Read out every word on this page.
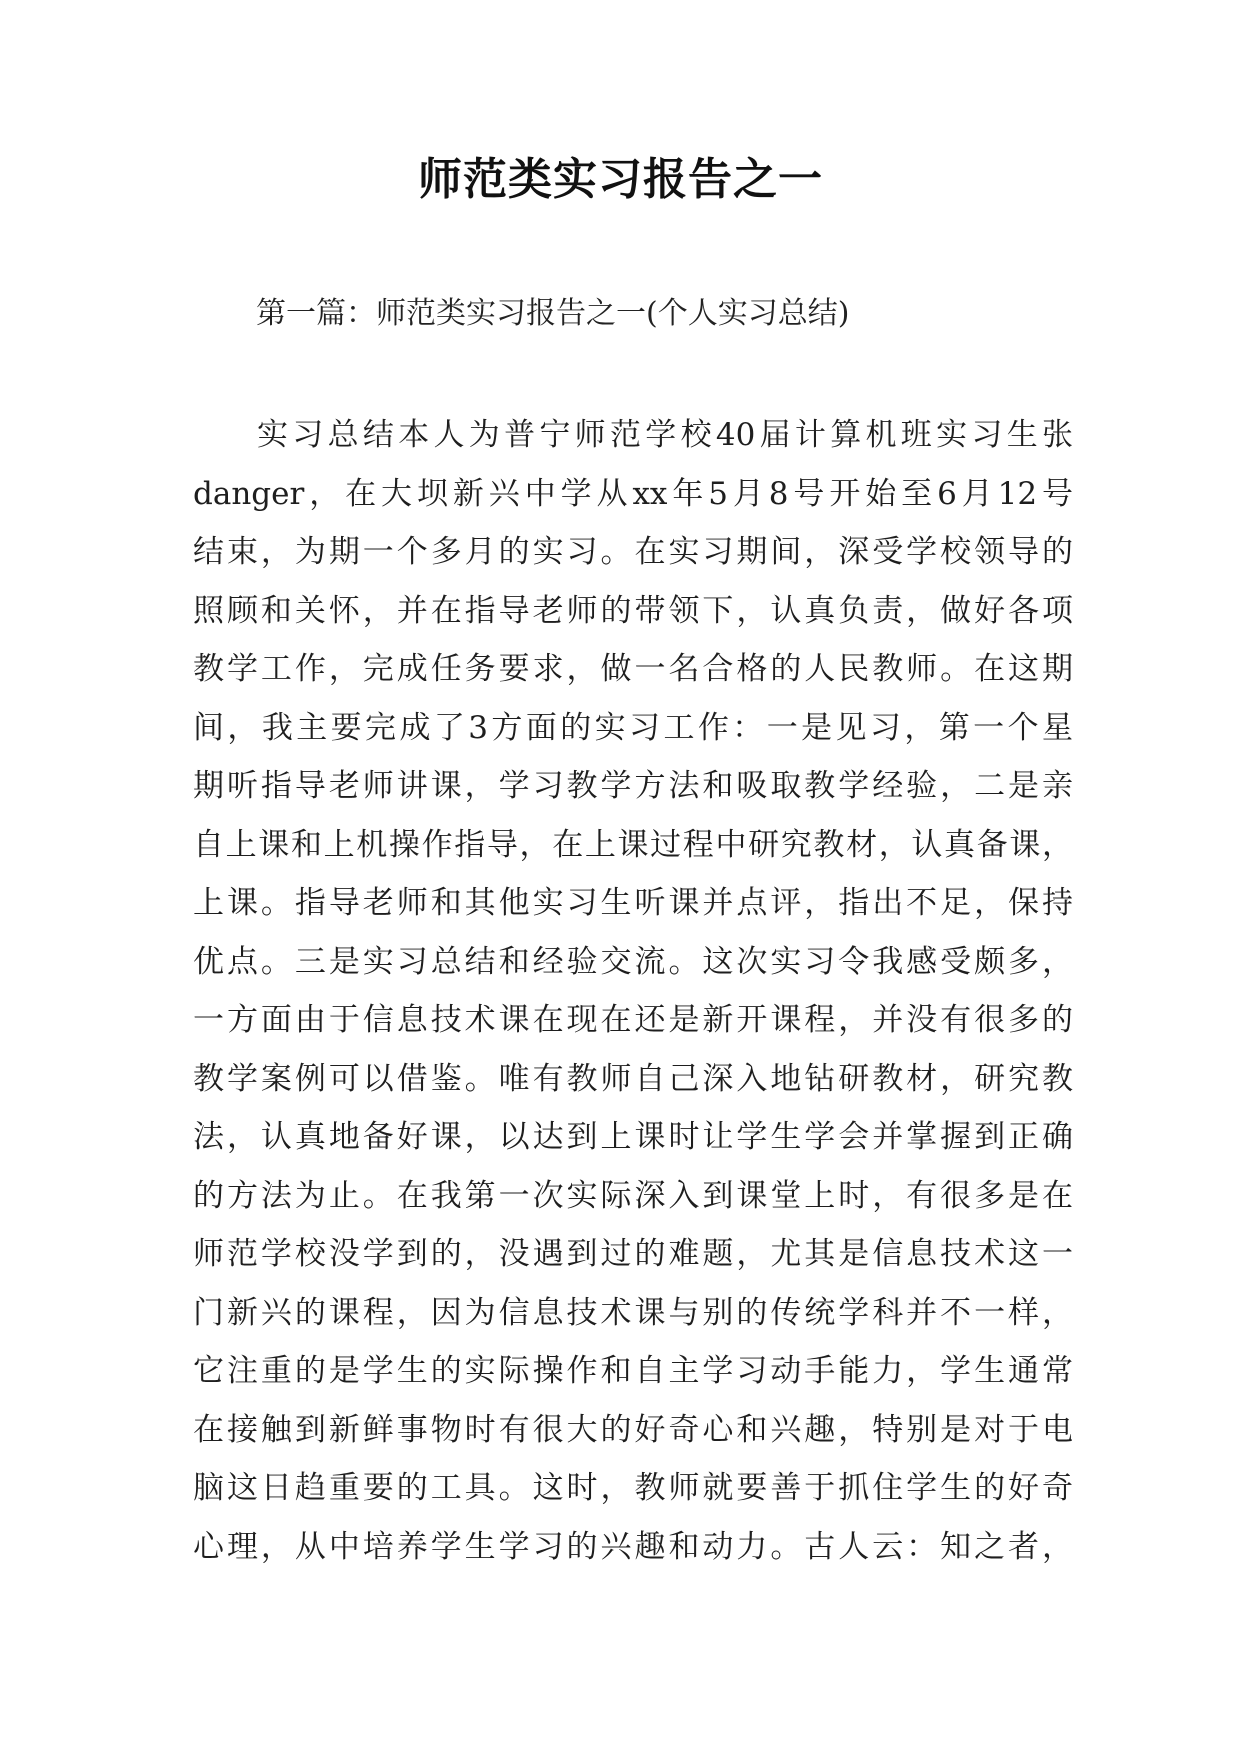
师范类实习报告之一
第一篇：师范类实习报告之一(个人实习总结)
实习总结本人为普宁师范学校40届计算机班实习生张
danger，在大坝新兴中学从xx年5月8号开始至6月12号
结束，为期一个多月的实习。在实习期间，深受学校领导的
照顾和关怀，并在指导老师的带领下，认真负责，做好各项
教学工作，完成任务要求，做一名合格的人民教师。在这期
间，我主要完成了3方面的实习工作：一是见习，第一个星
期听指导老师讲课，学习教学方法和吸取教学经验，二是亲
自上课和上机操作指导，在上课过程中研究教材，认真备课，
上课。指导老师和其他实习生听课并点评，指出不足，保持
优点。三是实习总结和经验交流。这次实习令我感受颇多，
一方面由于信息技术课在现在还是新开课程，并没有很多的
教学案例可以借鉴。唯有教师自己深入地钻研教材，研究教
法，认真地备好课，以达到上课时让学生学会并掌握到正确
的方法为止。在我第一次实际深入到课堂上时，有很多是在
师范学校没学到的，没遇到过的难题，尤其是信息技术这一
门新兴的课程，因为信息技术课与别的传统学科并不一样，
它注重的是学生的实际操作和自主学习动手能力，学生通常
在接触到新鲜事物时有很大的好奇心和兴趣，特别是对于电
脑这日趋重要的工具。这时，教师就要善于抓住学生的好奇
心理，从中培养学生学习的兴趣和动力。古人云：知之者，
